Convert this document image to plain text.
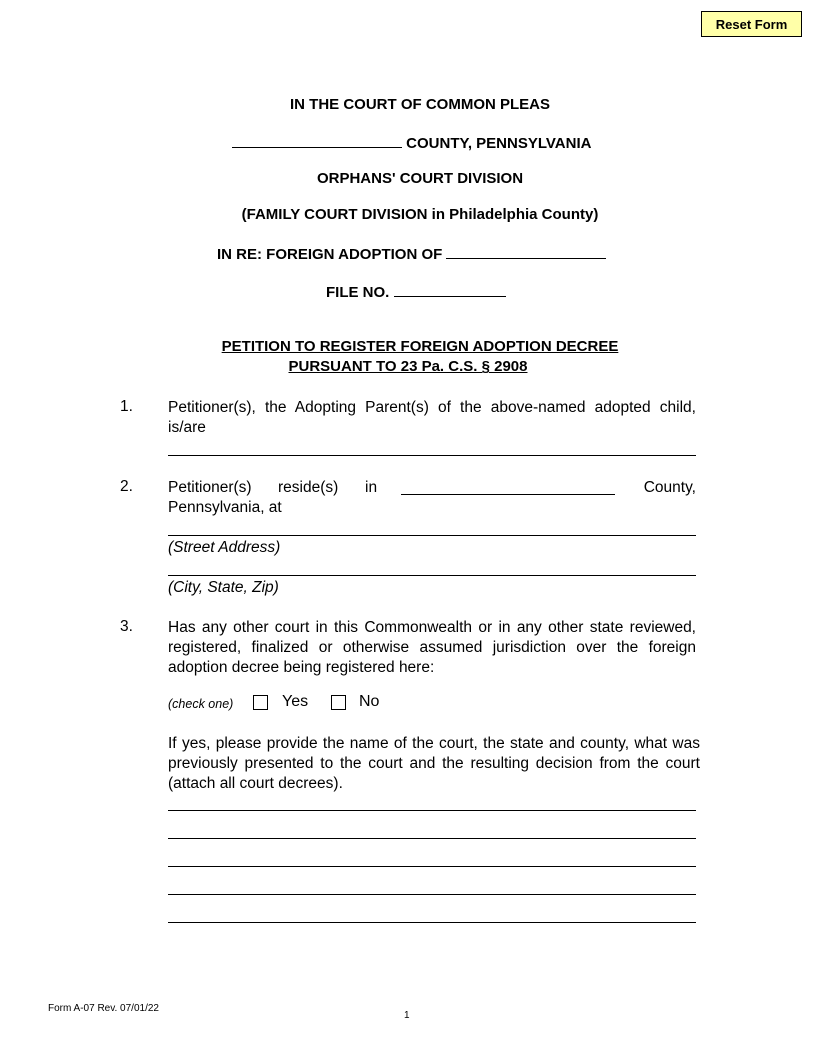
Reset Form
IN THE COURT OF COMMON PLEAS
COUNTY, PENNSYLVANIA
ORPHANS' COURT DIVISION
(FAMILY COURT DIVISION in Philadelphia County)
IN RE: FOREIGN ADOPTION OF
FILE NO.
PETITION TO REGISTER FOREIGN ADOPTION DECREE
PURSUANT TO 23 Pa. C.S. § 2908
1. Petitioner(s), the Adopting Parent(s) of the above-named adopted child, is/are
2. Petitioner(s) reside(s) in	County,
Pennsylvania, at
(Street Address)
(City, State, Zip)
3. Has any other court in this Commonwealth or in any other state reviewed, registered, finalized or otherwise assumed jurisdiction over the foreign adoption decree being registered here:
(check one)	Yes	No
If yes, please provide the name of the court, the state and county, what was previously presented to the court and the resulting decision from the court (attach all court decrees).
Form A-07 Rev. 07/01/22
1
